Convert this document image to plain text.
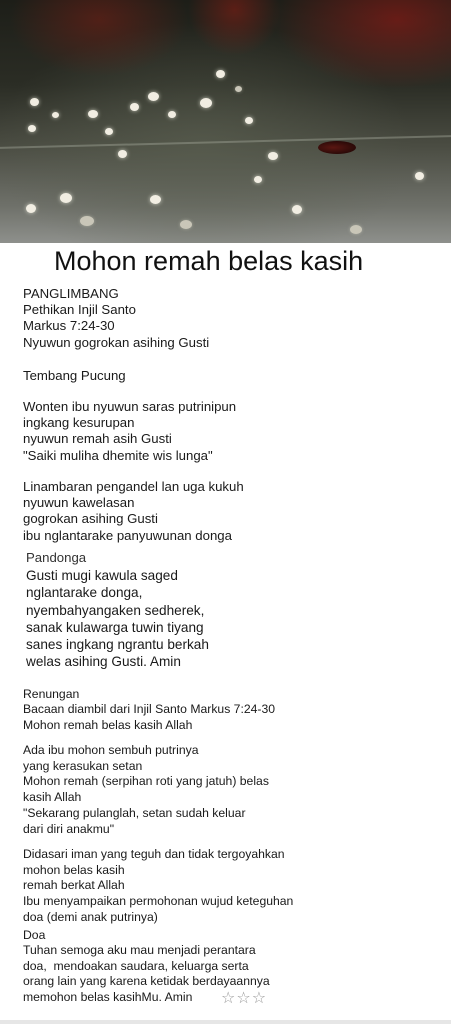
Mohon remah belas kasih

PANGLIMBANG
Pethikan Injil Santo
Markus 7:24-30
Nyuwun gogrokan asihing Gusti

Tembang Pucung

Wonten ibu nyuwun saras putrinipun
ingkang kesurupan
nyuwun remah asih Gusti
"Saiki muliha dhemite wis lunga"

Linambaran pengandel lan uga kukuh
nyuwun kawelasan
gogrokan asihing Gusti
ibu nglantarake panyuwunan donga

Pandonga

Gusti mugi kawula saged
nglantarake donga,
nyembahyangaken sedherek,
sanak kulawarga tuwin tiyang
sanes ingkang ngrantu berkah
welas asihing Gusti. Amin

Renungan

Bacaan diambil dari Injil Santo Markus 7:24-30
Mohon remah belas kasih Allah

Ada ibu mohon sembuh putrinya
yang kerasukan setan
Mohon remah (serpihan roti yang jatuh) belas
kasih Allah
"Sekarang pulanglah, setan sudah keluar
dari diri anakmu"

Didasari iman yang teguh dan tidak tergoyahkan
mohon belas kasih
remah berkat Allah
Ibu menyampaikan permohonan wujud keteguhan
doa (demi anak putrinya)

Doa

Tuhan semoga aku mau menjadi perantara
doa,  mendoakan saudara, keluarga serta
orang lain yang karena ketidak berdayaannya
memohon belas kasihMu. Amin	☆☆☆
